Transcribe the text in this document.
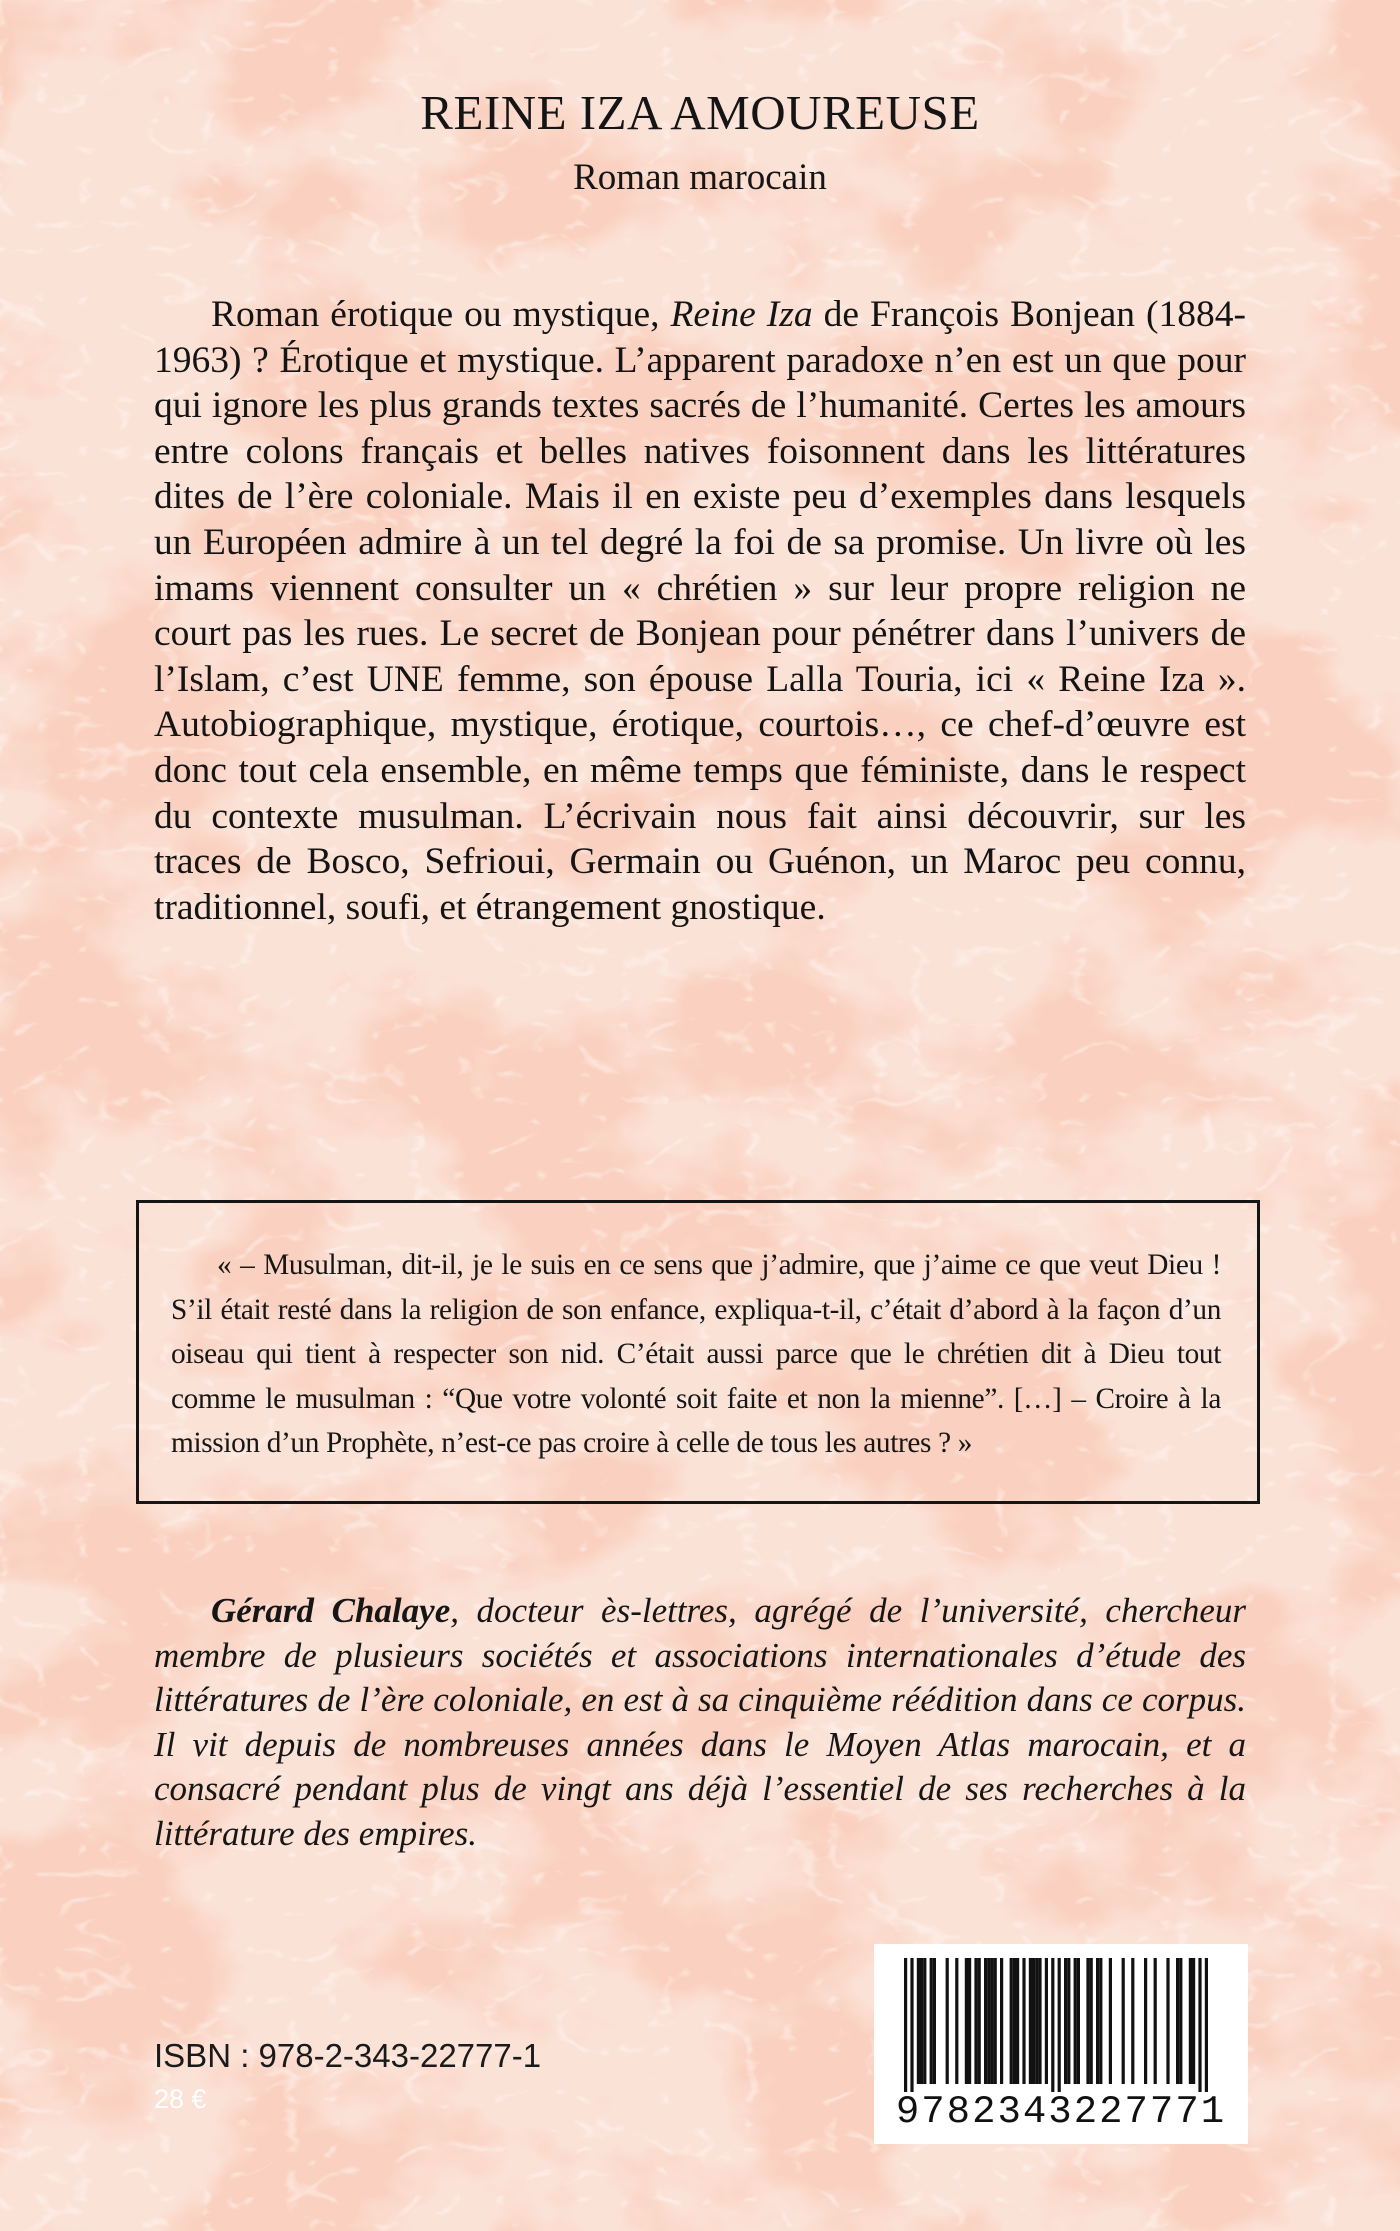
REINE IZA AMOUREUSE
Roman marocain
Roman érotique ou mystique, Reine Iza de François Bonjean (1884-1963) ? Érotique et mystique. L’apparent paradoxe n’en est un que pour qui ignore les plus grands textes sacrés de l’humanité. Certes les amours entre colons français et belles natives foisonnent dans les littératures dites de l’ère coloniale. Mais il en existe peu d’exemples dans lesquels un Européen admire à un tel degré la foi de sa promise. Un livre où les imams viennent consulter un « chrétien » sur leur propre religion ne court pas les rues. Le secret de Bonjean pour pénétrer dans l’univers de l’Islam, c’est UNE femme, son épouse Lalla Touria, ici « Reine Iza ». Autobiographique, mystique, érotique, courtois…, ce chef-d’œuvre est donc tout cela ensemble, en même temps que féministe, dans le respect du contexte musulman. L’écrivain nous fait ainsi découvrir, sur les traces de Bosco, Sefrioui, Germain ou Guénon, un Maroc peu connu, traditionnel, soufi, et étrangement gnostique.
« – Musulman, dit-il, je le suis en ce sens que j’admire, que j’aime ce que veut Dieu ! S’il était resté dans la religion de son enfance, expliqua-t-il, c’était d’abord à la façon d’un oiseau qui tient à respecter son nid. C’était aussi parce que le chrétien dit à Dieu tout comme le musulman : “Que votre volonté soit faite et non la mienne”. […] – Croire à la mission d’un Prophète, n’est-ce pas croire à celle de tous les autres ? »
Gérard Chalaye, docteur ès-lettres, agrégé de l’université, chercheur membre de plusieurs sociétés et associations internationales d’étude des littératures de l’ère coloniale, en est à sa cinquième réédition dans ce corpus. Il vit depuis de nombreuses années dans le Moyen Atlas marocain, et a consacré pendant plus de vingt ans déjà l’essentiel de ses recherches à la littérature des empires.
ISBN : 978-2-343-22777-1
28 €	9782343227771
